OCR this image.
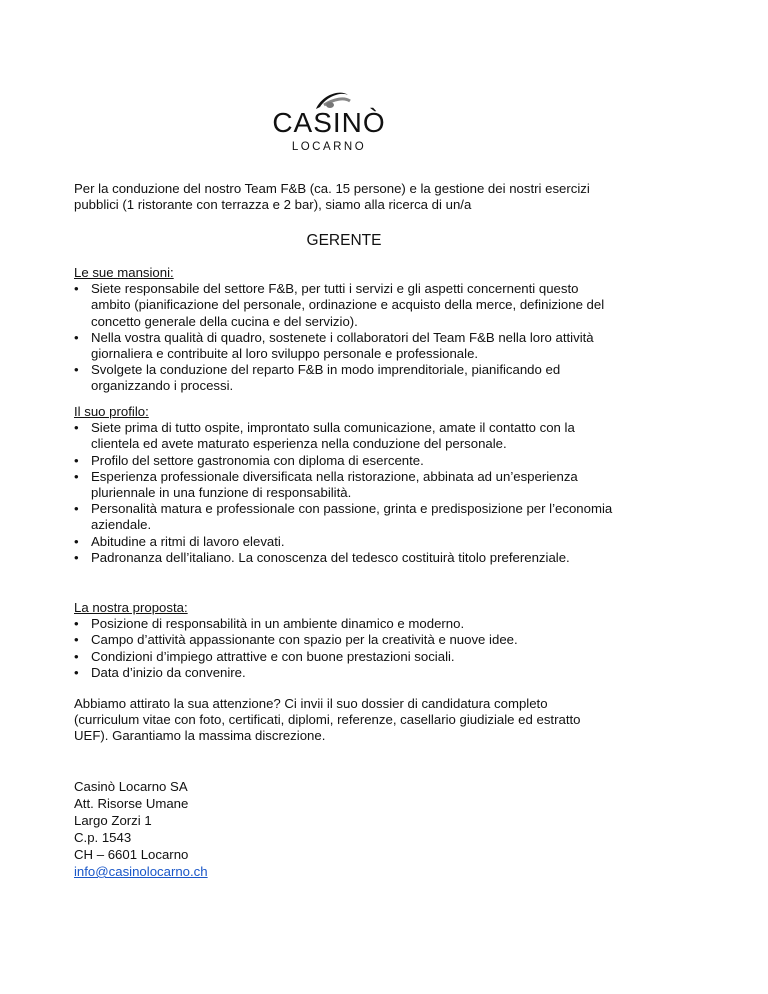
CASINÒ
LOCARNO
Per la conduzione del nostro Team F&B (ca. 15 persone) e la gestione dei nostri esercizi pubblici (1 ristorante con terrazza e 2 bar), siamo alla ricerca di un/a
GERENTE
Le sue mansioni:
• Siete responsabile del settore F&B, per tutti i servizi e gli aspetti concernenti questo ambito (pianificazione del personale, ordinazione e acquisto della merce, definizione del concetto generale della cucina e del servizio).
• Nella vostra qualità di quadro, sostenete i collaboratori del Team F&B nella loro attività giornaliera e contribuite al loro sviluppo personale e professionale.
• Svolgete la conduzione del reparto F&B in modo imprenditoriale, pianificando ed organizzando i processi.
Il suo profilo:
• Siete prima di tutto ospite, improntato sulla comunicazione, amate il contatto con la clientela ed avete maturato esperienza nella conduzione del personale.
• Profilo del settore gastronomia con diploma di esercente.
• Esperienza professionale diversificata nella ristorazione, abbinata ad un’esperienza pluriennale in una funzione di responsabilità.
• Personalità matura e professionale con passione, grinta e predisposizione per l’economia aziendale.
• Abitudine a ritmi di lavoro elevati.
• Padronanza dell’italiano. La conoscenza del tedesco costituirà titolo preferenziale.
La nostra proposta:
• Posizione di responsabilità in un ambiente dinamico e moderno.
• Campo d’attività appassionante con spazio per la creatività e nuove idee.
• Condizioni d’impiego attrattive e con buone prestazioni sociali.
• Data d’inizio da convenire.
Abbiamo attirato la sua attenzione? Ci invii il suo dossier di candidatura completo (curriculum vitae con foto, certificati, diplomi, referenze, casellario giudiziale ed estratto UEF). Garantiamo la massima discrezione.
Casinò Locarno SA
Att. Risorse Umane
Largo Zorzi 1
C.p. 1543
CH – 6601 Locarno
info@casinolocarno.ch
